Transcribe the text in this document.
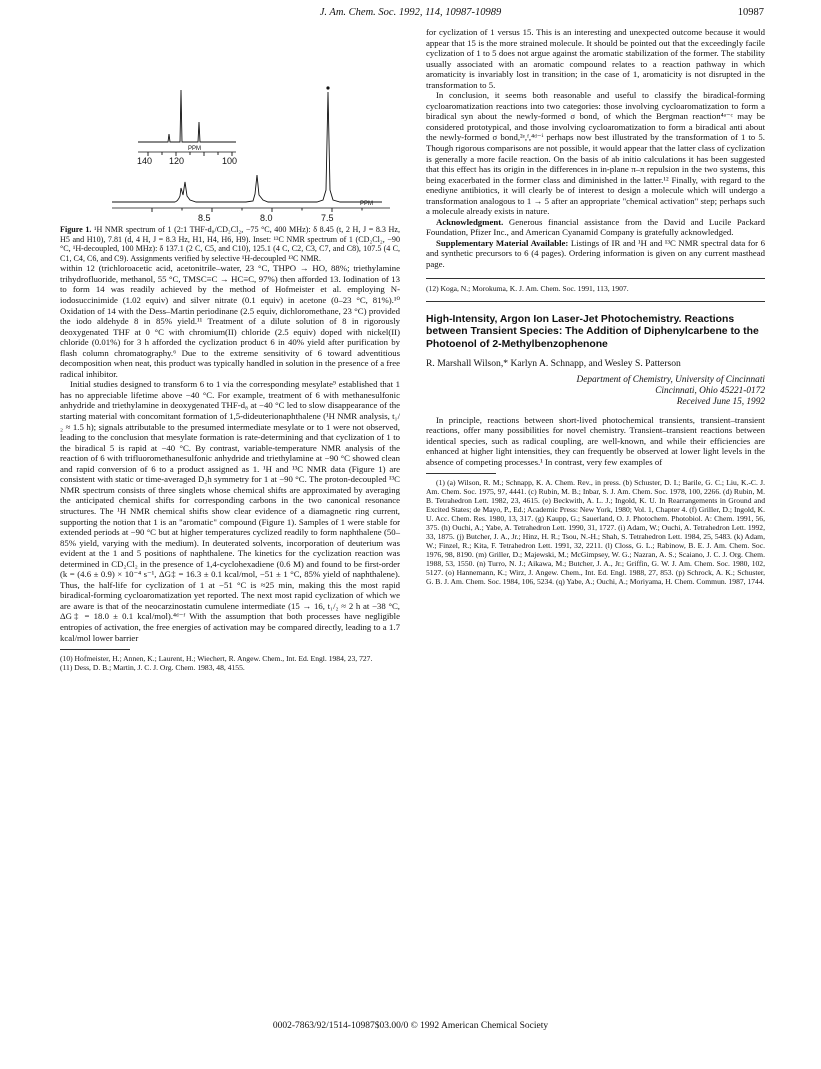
J. Am. Chem. Soc. 1992, 114, 10987-10989	10987
PPM
140 120	100
PPM
8.5	8.0	7.5

Figure 1. ¹H NMR spectrum of 1 (2:1 THF-d₈/CD₂Cl₂, −75 °C, 400 MHz): δ 8.45 (t, 2 H, J = 8.3 Hz, H5 and H10), 7.81 (d, 4 H, J = 8.3 Hz, H1, H4, H6, H9). Inset: ¹³C NMR spectrum of 1 (CD₂Cl₂, −90 °C, ¹H-decoupled, 100 MHz): δ 137.1 (2 C, C5, and C10), 125.1 (4 C, C2, C3, C7, and C8), 107.5 (4 C, C1, C4, C6, and C9). Assignments verified by selective ¹H-decoupled ¹³C NMR.

within 12 (trichloroacetic acid, acetonitrile–water, 23 °C, THPO → HO, 88%; triethylamine trihydrofluoride, methanol, 55 °C, TMSC≡C → HC≡C, 97%) then afforded 13. Iodination of 13 to form 14 was readily achieved by the method of Hofmeister et al. employing N-iodosuccinimide (1.02 equiv) and silver nitrate (0.1 equiv) in acetone (0–23 °C, 81%).¹⁰ Oxidation of 14 with the Dess–Martin periodinane (2.5 equiv, dichloromethane, 23 °C) provided the iodo aldehyde 8 in 85% yield.¹¹ Treatment of a dilute solution of 8 in rigorously deoxygenated THF at 0 °C with chromium(II) chloride (2.5 equiv) doped with nickel(II) chloride (0.01%) for 3 h afforded the cyclization product 6 in 40% yield after purification by flash column chromatography.⁶ Due to the extreme sensitivity of 6 toward adventitious decomposition when neat, this product was typically handled in solution in the presence of a free radical inhibitor.

Initial studies designed to transform 6 to 1 via the corresponding mesylate⁹ established that 1 has no appreciable lifetime above −40 °C. For example, treatment of 6 with methanesulfonic anhydride and triethylamine in deoxygenated THF-d₈ at −40 °C led to slow disappearance of the starting material with concomitant formation of 1,5-dideuterionaphthalene (¹H NMR analysis, t₁/₂ ≈ 1.5 h); signals attributable to the presumed intermediate mesylate or to 1 were not observed, leading to the conclusion that mesylate formation is rate-determining and that cyclization of 1 to the biradical 5 is rapid at −40 °C. By contrast, variable-temperature NMR analysis of the reaction of 6 with trifluoromethanesulfonic anhydride and triethylamine at −90 °C showed clean and rapid conversion of 6 to a product assigned as 1. ¹H and ¹³C NMR data (Figure 1) are consistent with static or time-averaged D₂h symmetry for 1 at −90 °C. The proton-decoupled ¹³C NMR spectrum consists of three singlets whose chemical shifts are approximated by averaging the anticipated chemical shifts for corresponding carbons in the two canonical resonance structures. The ¹H NMR chemical shifts show clear evidence of a diamagnetic ring current, supporting the notion that 1 is an "aromatic" compound (Figure 1). Samples of 1 were stable for extended periods at −90 °C but at higher temperatures cyclized readily to form naphthalene (50–85% yield, varying with the medium). In deuterated solvents, incorporation of deuterium was evident at the 1 and 5 positions of naphthalene. The kinetics for the cyclization reaction was determined in CD₂Cl₂ in the presence of 1,4-cyclohexadiene (0.6 M) and found to be first-order (k = (4.6 ± 0.9) × 10⁻⁴ s⁻¹, ΔG‡ = 16.3 ± 0.1 kcal/mol, −51 ± 1 °C, 85% yield of naphthalene). Thus, the half-life for cyclization of 1 at −51 °C is ≈25 min, making this the most rapid biradical-forming cycloaromatization yet reported. The next most rapid cyclization of which we are aware is that of the neocarzinostatin cumulene intermediate (15 → 16, t₁/₂ ≈ 2 h at −38 °C, ΔG‡ = 18.0 ± 0.1 kcal/mol).⁴ᵈ⁻ᶠ With the assumption that both processes have negligible entropies of activation, the free energies of activation may be compared directly, leading to a 1.7 kcal/mol lower barrier

(10) Hofmeister, H.; Annen, K.; Laurent, H.; Wiechert, R. Angew. Chem., Int. Ed. Engl. 1984, 23, 727.

(11) Dess, D. B.; Martin, J. C. J. Org. Chem. 1983, 48, 4155.

for cyclization of 1 versus 15. This is an interesting and unexpected outcome because it would appear that 15 is the more strained molecule. It should be pointed out that the exceedingly facile cyclization of 1 to 5 does not argue against the aromatic stabilization of the former. The stability usually associated with an aromatic compound relates to a reaction pathway in which aromaticity is invariably lost in transition; in the case of 1, aromaticity is not disrupted in the transformation to 5.

In conclusion, it seems both reasonable and useful to classify the biradical-forming cycloaromatization reactions into two categories: those involving cycloaromatization to form a biradical syn about the newly-formed σ bond, of which the Bergman reaction⁴ᵃ⁻ᶜ may be considered prototypical, and those involving cycloaromatization to form a biradical anti about the newly-formed σ bond,²ᵉ,ᶠ,⁴ᵈ⁻ⁱ perhaps now best illustrated by the transformation of 1 to 5. Though rigorous comparisons are not possible, it would appear that the latter class of cyclization is generally a more facile reaction. On the basis of ab initio calculations it has been suggested that this effect has its origin in the differences in in-plane π–π repulsion in the two systems, this being exacerbated in the former class and diminished in the latter.¹² Finally, with regard to the enediyne antibiotics, it will clearly be of interest to design a molecule which will undergo a transformation analogous to 1 → 5 after an appropriate "chemical activation" step; perhaps such a molecule already exists in nature.

Acknowledgment. Generous financial assistance from the David and Lucile Packard Foundation, Pfizer Inc., and American Cyanamid Company is gratefully acknowledged.

Supplementary Material Available: Listings of IR and ¹H and ¹³C NMR spectral data for 6 and synthetic precursors to 6 (4 pages). Ordering information is given on any current masthead page.

(12) Koga, N.; Morokuma, K. J. Am. Chem. Soc. 1991, 113, 1907.

High-Intensity, Argon Ion Laser-Jet Photochemistry. Reactions between Transient Species: The Addition of Diphenylcarbene to the Photoenol of 2-Methylbenzophenone
R. Marshall Wilson,* Karlyn A. Schnapp, and Wesley S. Patterson
Department of Chemistry, University of Cincinnati
Cincinnati, Ohio 45221-0172
Received June 15, 1992

In principle, reactions between short-lived photochemical transients, transient–transient reactions, offer many possibilities for novel chemistry. Transient–transient reactions between identical species, such as radical coupling, are well-known, and while their efficiencies are enhanced at higher light intensities, they can frequently be observed at lower light levels in the absence of competing processes.¹ In contrast, very few examples of

(1) (a) Wilson, R. M.; Schnapp, K. A. Chem. Rev., in press. (b) Schuster, D. I.; Barile, G. C.; Liu, K.-C. J. Am. Chem. Soc. 1975, 97, 4441. (c) Rubin, M. B.; Inbar, S. J. Am. Chem. Soc. 1978, 100, 2266. (d) Rubin, M. B. Tetrahedron Lett. 1982, 23, 4615. (e) Beckwith, A. L. J.; Ingold, K. U. In Rearrangements in Ground and Excited States; de Mayo, P., Ed.; Academic Press: New York, 1980; Vol. 1, Chapter 4. (f) Griller, D.; Ingold, K. U. Acc. Chem. Res. 1980, 13, 317. (g) Kaupp, G.; Sauerland, O. J. Photochem. Photobiol. A: Chem. 1991, 56, 375. (h) Ouchi, A.; Yabe, A. Tetrahedron Lett. 1990, 31, 1727. (i) Adam, W.; Ouchi, A. Tetrahedron Lett. 1992, 33, 1875. (j) Butcher, J. A., Jr.; Hinz, H. R.; Tsou, N.-H.; Shah, S. Tetrahedron Lett. 1984, 25, 5483. (k) Adam, W.; Finzel, R.; Kita, F. Tetrahedron Lett. 1991, 32, 2211. (l) Closs, G. L.; Rabinow, B. E. J. Am. Chem. Soc. 1976, 98, 8190. (m) Griller, D.; Majewski, M.; McGimpsey, W. G.; Nazran, A. S.; Scaiano, J. C. J. Org. Chem. 1988, 53, 1550. (n) Turro, N. J.; Aikawa, M.; Butcher, J. A., Jr.; Griffin, G. W. J. Am. Chem. Soc. 1980, 102, 5127. (o) Hannemann, K.; Wirz, J. Angew. Chem., Int. Ed. Engl. 1988, 27, 853. (p) Schrock, A. K.; Schuster, G. B. J. Am. Chem. Soc. 1984, 106, 5234. (q) Yabe, A.; Ouchi, A.; Moriyama, H. Chem. Commun. 1987, 1744.

0002-7863/92/1514-10987$03.00/0 © 1992 American Chemical Society
